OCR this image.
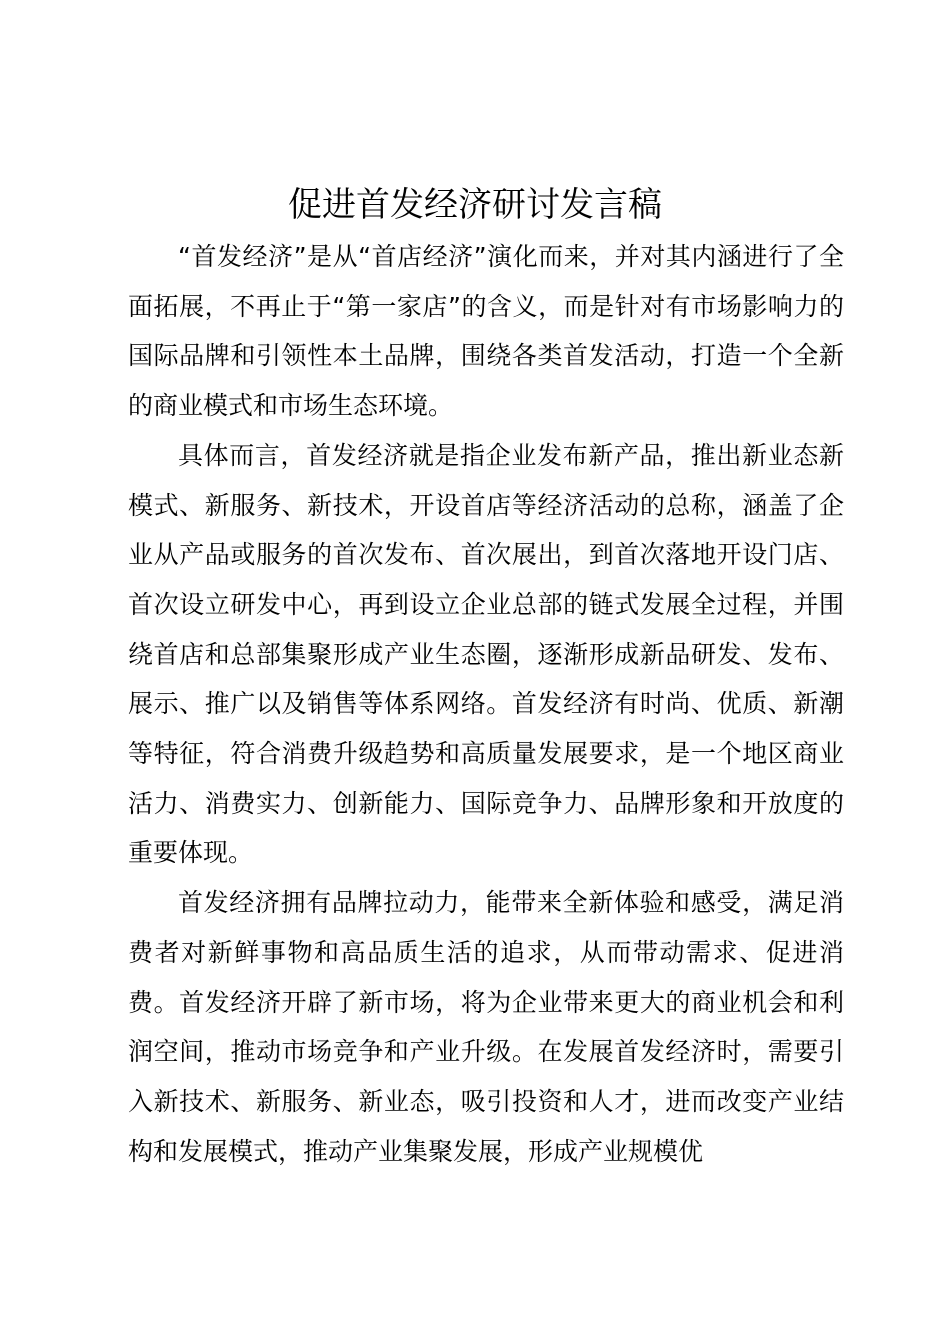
促进首发经济研讨发言稿

“首发经济”是从“首店经济”演化而来，并对其内涵进行了全面拓展，不再止于“第一家店”的含义，而是针对有市场影响力的国际品牌和引领性本土品牌，围绕各类首发活动，打造一个全新的商业模式和市场生态环境。

具体而言，首发经济就是指企业发布新产品，推出新业态新模式、新服务、新技术，开设首店等经济活动的总称，涵盖了企业从产品或服务的首次发布、首次展出，到首次落地开设门店、首次设立研发中心，再到设立企业总部的链式发展全过程，并围绕首店和总部集聚形成产业生态圈，逐渐形成新品研发、发布、展示、推广以及销售等体系网络。首发经济有时尚、优质、新潮等特征，符合消费升级趋势和高质量发展要求，是一个地区商业活力、消费实力、创新能力、国际竞争力、品牌形象和开放度的重要体现。

首发经济拥有品牌拉动力，能带来全新体验和感受，满足消费者对新鲜事物和高品质生活的追求，从而带动需求、促进消费。首发经济开辟了新市场，将为企业带来更大的商业机会和利润空间，推动市场竞争和产业升级。在发展首发经济时，需要引入新技术、新服务、新业态，吸引投资和人才，进而改变产业结构和发展模式，推动产业集聚发展，形成产业规模优
